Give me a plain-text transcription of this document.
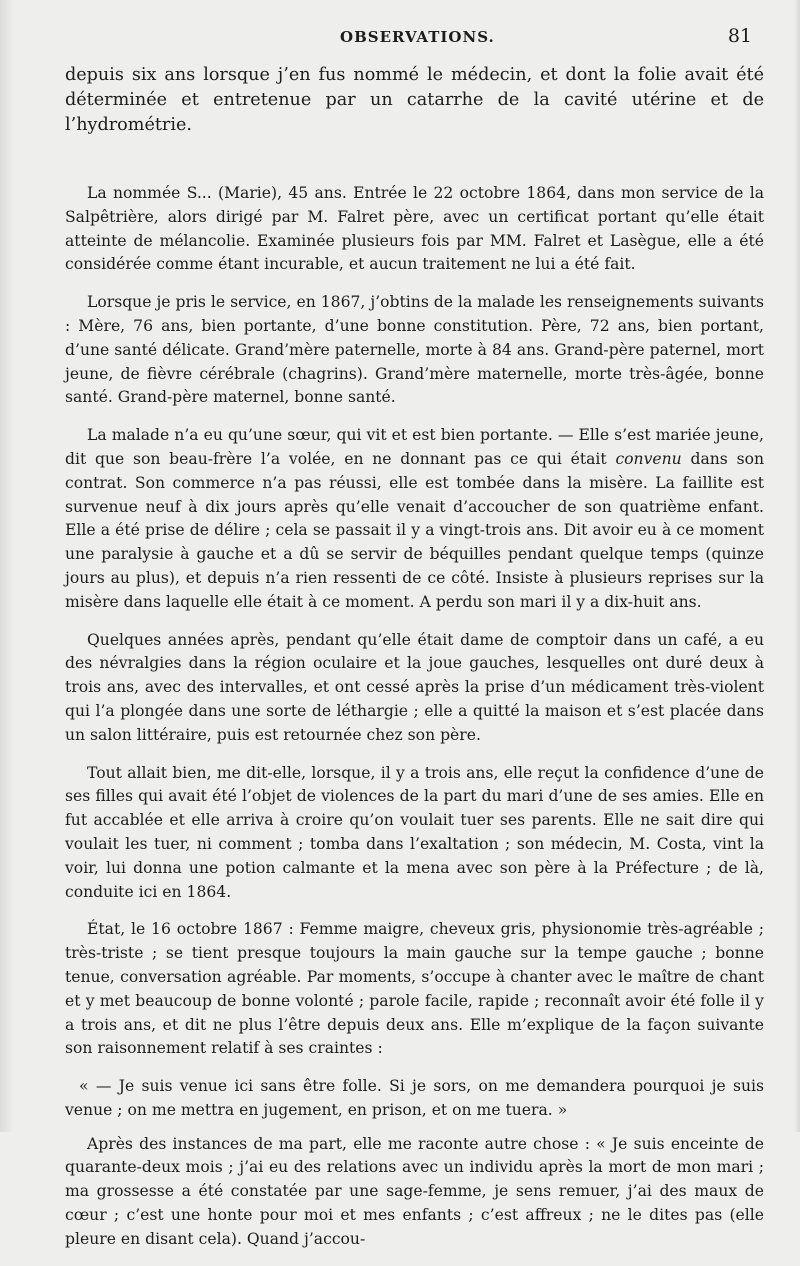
OBSERVATIONS.	81

depuis six ans lorsque j’en fus nommé le médecin, et dont la folie avait été déterminée et entretenue par un catarrhe de la cavité utérine et de l’hydrométrie.

La nommée S... (Marie), 45 ans. Entrée le 22 octobre 1864, dans mon service de la Salpêtrière, alors dirigé par M. Falret père, avec un certificat portant qu’elle était atteinte de mélancolie. Examinée plusieurs fois par MM. Falret et Lasègue, elle a été considérée comme étant incurable, et aucun traitement ne lui a été fait.

Lorsque je pris le service, en 1867, j’obtins de la malade les renseignements suivants : Mère, 76 ans, bien portante, d’une bonne constitution. Père, 72 ans, bien portant, d’une santé délicate. Grand’mère paternelle, morte à 84 ans. Grand-père paternel, mort jeune, de fièvre cérébrale (chagrins). Grand’mère maternelle, morte très-âgée, bonne santé. Grand-père maternel, bonne santé.

La malade n’a eu qu’une sœur, qui vit et est bien portante. — Elle s’est mariée jeune, dit que son beau-frère l’a volée, en ne donnant pas ce qui était convenu dans son contrat. Son commerce n’a pas réussi, elle est tombée dans la misère. La faillite est survenue neuf à dix jours après qu’elle venait d’accoucher de son quatrième enfant. Elle a été prise de délire ; cela se passait il y a vingt-trois ans. Dit avoir eu à ce moment une paralysie à gauche et a dû se servir de béquilles pendant quelque temps (quinze jours au plus), et depuis n’a rien ressenti de ce côté. Insiste à plusieurs reprises sur la misère dans laquelle elle était à ce moment. A perdu son mari il y a dix-huit ans.

Quelques années après, pendant qu’elle était dame de comptoir dans un café, a eu des névralgies dans la région oculaire et la joue gauches, lesquelles ont duré deux à trois ans, avec des intervalles, et ont cessé après la prise d’un médicament très-violent qui l’a plongée dans une sorte de léthargie ; elle a quitté la maison et s’est placée dans un salon littéraire, puis est retournée chez son père.

Tout allait bien, me dit-elle, lorsque, il y a trois ans, elle reçut la confidence d’une de ses filles qui avait été l’objet de violences de la part du mari d’une de ses amies. Elle en fut accablée et elle arriva à croire qu’on voulait tuer ses parents. Elle ne sait dire qui voulait les tuer, ni comment ; tomba dans l’exaltation ; son médecin, M. Costa, vint la voir, lui donna une potion calmante et la mena avec son père à la Préfecture ; de là, conduite ici en 1864.

État, le 16 octobre 1867 : Femme maigre, cheveux gris, physionomie très-agréable ; très-triste ; se tient presque toujours la main gauche sur la tempe gauche ; bonne tenue, conversation agréable. Par moments, s’occupe à chanter avec le maître de chant et y met beaucoup de bonne volonté ; parole facile, rapide ; reconnaît avoir été folle il y a trois ans, et dit ne plus l’être depuis deux ans. Elle m’explique de la façon suivante son raisonnement relatif à ses craintes :

« — Je suis venue ici sans être folle. Si je sors, on me demandera pourquoi je suis venue ; on me mettra en jugement, en prison, et on me tuera. »

Après des instances de ma part, elle me raconte autre chose : « Je suis enceinte de quarante-deux mois ; j’ai eu des relations avec un individu après la mort de mon mari ; ma grossesse a été constatée par une sage-femme, je sens remuer, j’ai des maux de cœur ; c’est une honte pour moi et mes enfants ; c’est affreux ; ne le dites pas (elle pleure en disant cela). Quand j’accou-
